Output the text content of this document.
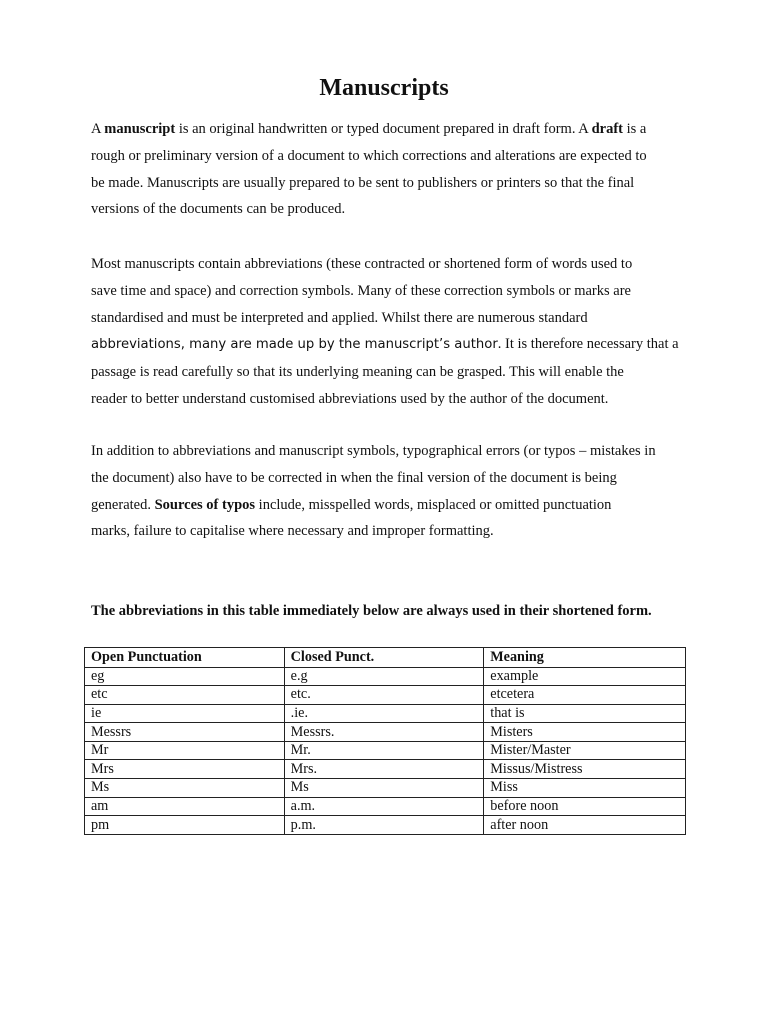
Manuscripts

A manuscript is an original handwritten or typed document prepared in draft form. A draft is a
rough or preliminary version of a document to which corrections and alterations are expected to
be made. Manuscripts are usually prepared to be sent to publishers or printers so that the final
versions of the documents can be produced.

Most manuscripts contain abbreviations (these contracted or shortened form of words used to
save time and space) and correction symbols. Many of these correction symbols or marks are
standardised and must be interpreted and applied. Whilst there are numerous standard
abbreviations, many are made up by the manuscript’s author. It is therefore necessary that a
passage is read carefully so that its underlying meaning can be grasped. This will enable the
reader to better understand customised abbreviations used by the author of the document.

In addition to abbreviations and manuscript symbols, typographical errors (or typos – mistakes in
the document) also have to be corrected in when the final version of the document is being
generated. Sources of typos include, misspelled words, misplaced or omitted punctuation
marks, failure to capitalise where necessary and improper formatting.

The abbreviations in this table immediately below are always used in their shortened form.
Open Punctuation	Closed Punct.	Meaning
eg	e.g	example
etc	etc.	etcetera
ie	.ie.	that is
Messrs	Messrs.	Misters
Mr	Mr.	Mister/Master
Mrs	Mrs.	Missus/Mistress
Ms	Ms	Miss
am	a.m.	before noon
pm	p.m.	after noon
